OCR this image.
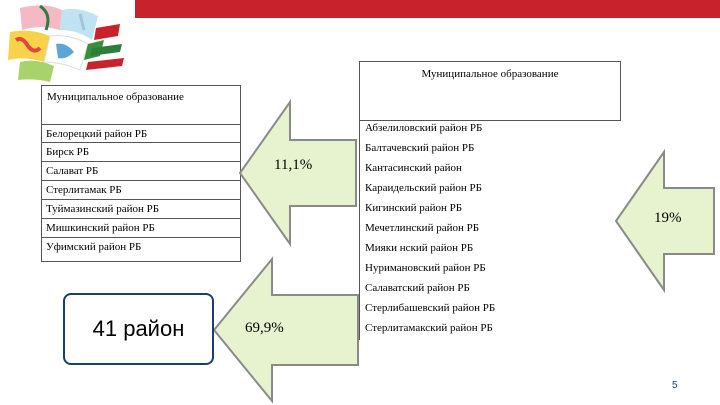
Муниципальное образование
Белорецкий район РБ
Бирск РБ
Салават РБ
Стерлитамак РБ
Туймазинский район РБ
Мишкинский район РБ
Уфимский район РБ
Муниципальное образование
Абзелиловский район РБ
Балтачевский район РБ
Кантасинский район
Караидельский район РБ
Кигинский район РБ
Мечетлинский район РБ
Мияки нский район РБ
Нуримановский район РБ
Салаватский район РБ
Стерлибашевский район РБ
Стерлитамакский район РБ
11,1%
19%
69,9%
41 район
5
